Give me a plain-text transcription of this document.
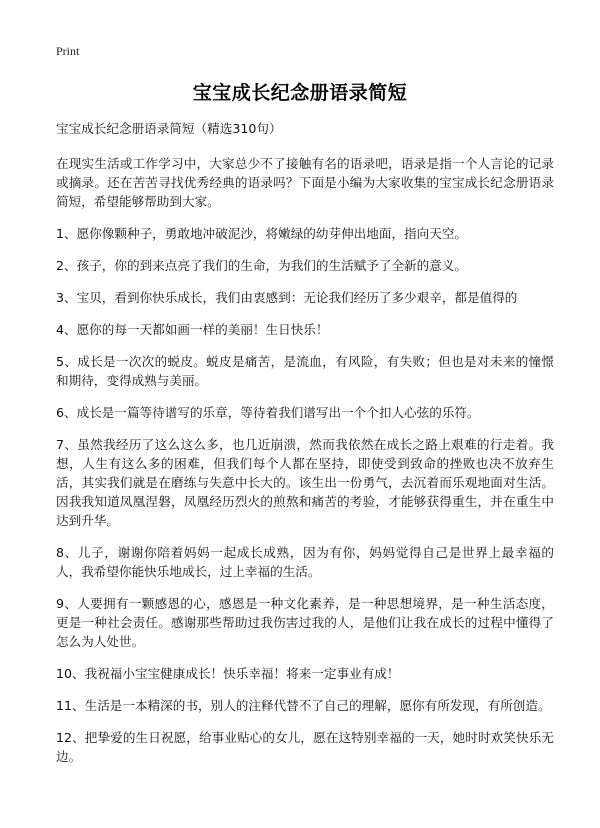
Print
宝宝成长纪念册语录简短

宝宝成长纪念册语录简短（精选310句）

在现实生活或工作学习中，大家总少不了接触有名的语录吧，语录是指一个人言论的记录或摘录。还在苦苦寻找优秀经典的语录吗？下面是小编为大家收集的宝宝成长纪念册语录简短，希望能够帮助到大家。

1、愿你像颗种子，勇敢地冲破泥沙，将嫩绿的幼芽伸出地面，指向天空。

2、孩子，你的到来点亮了我们的生命，为我们的生活赋予了全新的意义。

3、宝贝，看到你快乐成长，我们由衷感到：无论我们经历了多少艰辛，都是值得的

4、愿你的每一天都如画一样的美丽！生日快乐！

5、成长是一次次的蜕皮。蜕皮是痛苦，是流血，有风险，有失败；但也是对未来的憧憬和期待，变得成熟与美丽。

6、成长是一篇等待谱写的乐章，等待着我们谱写出一个个扣人心弦的乐符。

7、虽然我经历了这么这么多，也几近崩溃，然而我依然在成长之路上艰难的行走着。我想，人生有这么多的困难，但我们每个人都在坚持，即使受到致命的挫败也决不放弃生活，其实我们就是在磨练与失意中长大的。该生出一份勇气，去沉着而乐观地面对生活。因我我知道凤凰涅磐，凤凰经历烈火的煎熬和痛苦的考验，才能够获得重生，并在重生中达到升华。

8、儿子，谢谢你陪着妈妈一起成长成熟，因为有你，妈妈觉得自己是世界上最幸福的人，我希望你能快乐地成长，过上幸福的生活。

9、人要拥有一颗感恩的心，感恩是一种文化素养，是一种思想境界，是一种生活态度，更是一种社会责任。感谢那些帮助过我伤害过我的人，是他们让我在成长的过程中懂得了怎么为人处世。

10、我祝福小宝宝健康成长！快乐幸福！将来一定事业有成！

11、生活是一本精深的书，别人的注释代替不了自己的理解，愿你有所发现，有所创造。

12、把挚爱的生日祝愿，给事业贴心的女儿，愿在这特别幸福的一天，她时时欢笑快乐无边。
